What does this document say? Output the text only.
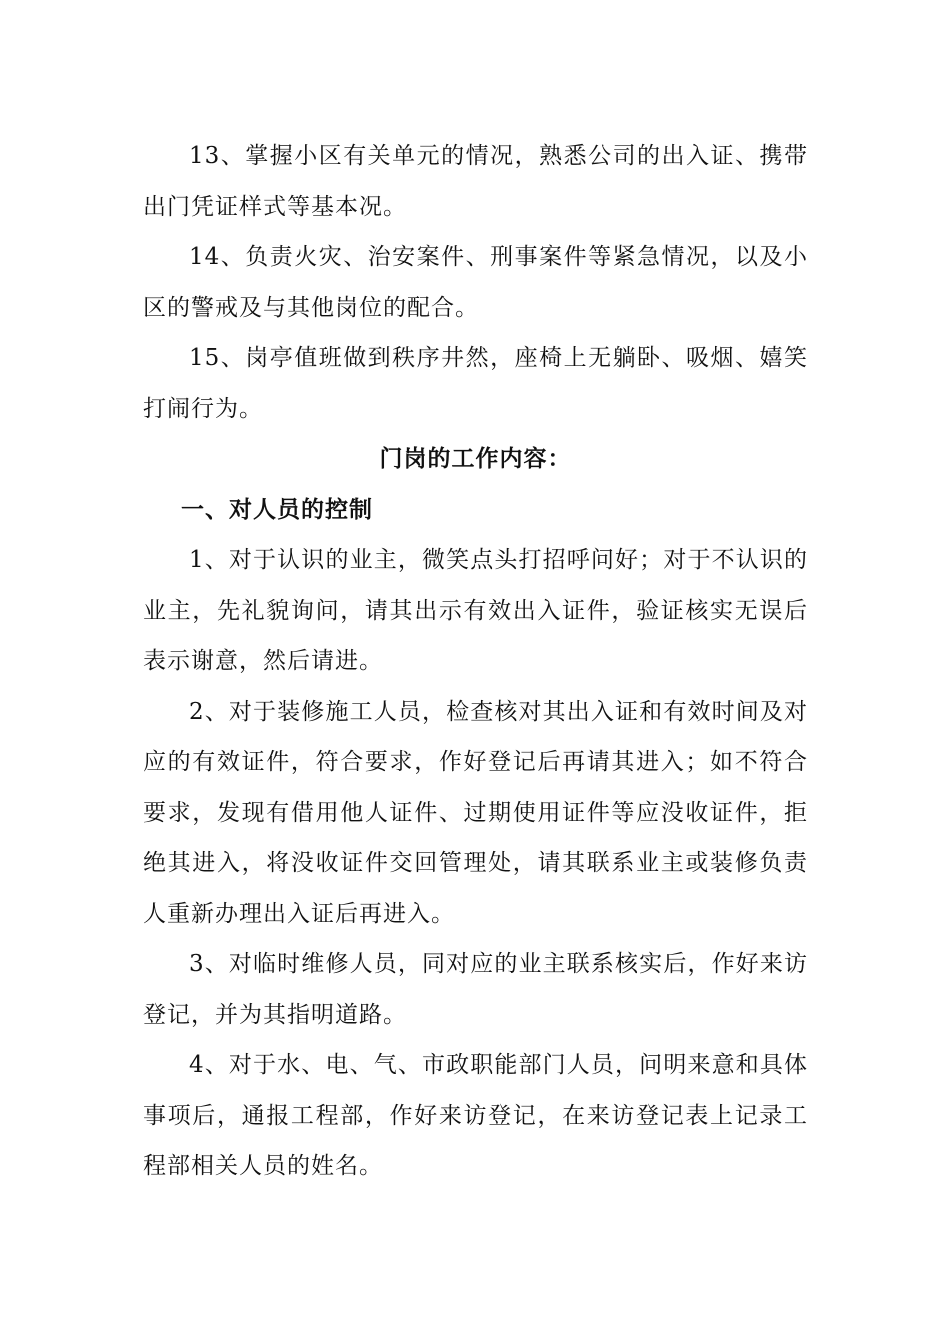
13、掌握小区有关单元的情况，熟悉公司的出入证、携带出门凭证样式等基本况。

14、负责火灾、治安案件、刑事案件等紧急情况，以及小区的警戒及与其他岗位的配合。

15、岗亭值班做到秩序井然，座椅上无躺卧、吸烟、嬉笑打闹行为。

门岗的工作内容：

一、对人员的控制

1、对于认识的业主，微笑点头打招呼问好；对于不认识的业主，先礼貌询问，请其出示有效出入证件，验证核实无误后表示谢意，然后请进。

2、对于装修施工人员，检查核对其出入证和有效时间及对应的有效证件，符合要求，作好登记后再请其进入；如不符合要求，发现有借用他人证件、过期使用证件等应没收证件，拒绝其进入，将没收证件交回管理处，请其联系业主或装修负责人重新办理出入证后再进入。

3、对临时维修人员，同对应的业主联系核实后，作好来访登记，并为其指明道路。

4、对于水、电、气、市政职能部门人员，问明来意和具体事项后，通报工程部，作好来访登记，在来访登记表上记录工程部相关人员的姓名。
